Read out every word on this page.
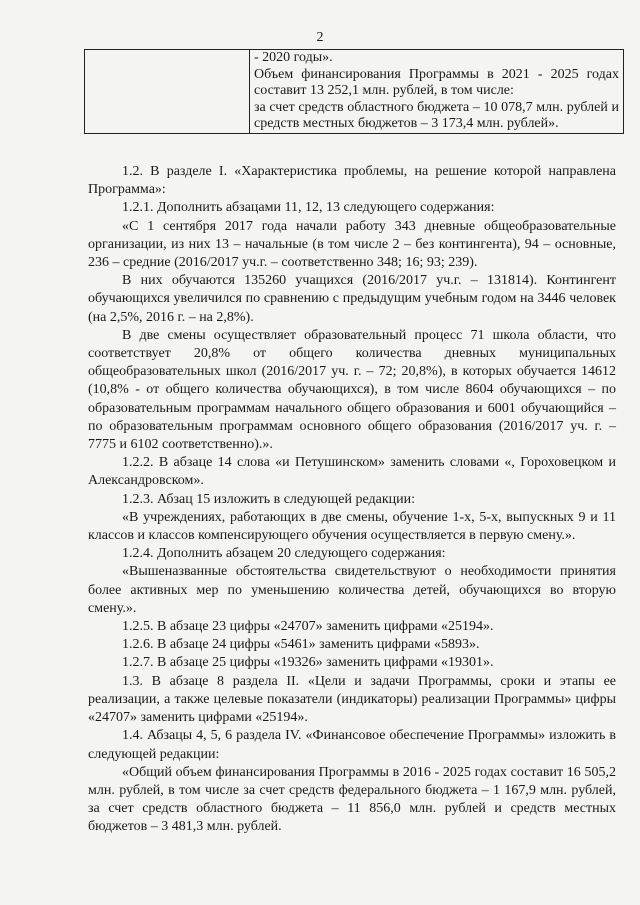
2

- 2020 годы».
Объем финансирования Программы в 2021 - 2025 годах составит 13 252,1 млн. рублей, в том числе:
за счет средств областного бюджета – 10 078,7 млн. рублей и средств местных бюджетов – 3 173,4 млн. рублей».

1.2. В разделе I. «Характеристика проблемы, на решение которой направлена Программа»:

1.2.1. Дополнить абзацами 11, 12, 13 следующего содержания:

«С 1 сентября 2017 года начали работу 343 дневные общеобразовательные организации, из них 13 – начальные (в том числе 2 – без контингента), 94 – основные, 236 – средние (2016/2017 уч.г. – соответственно 348; 16; 93; 239).

В них обучаются 135260 учащихся (2016/2017 уч.г. – 131814). Контингент обучающихся увеличился по сравнению с предыдущим учебным годом на 3446 человек (на 2,5%, 2016 г. – на 2,8%).

В две смены осуществляет образовательный процесс 71 школа области, что соответствует 20,8% от общего количества дневных муниципальных общеобразовательных школ (2016/2017 уч. г. – 72; 20,8%), в которых обучается 14612 (10,8% - от общего количества обучающихся), в том числе 8604 обучающихся – по образовательным программам начального общего образования и 6001 обучающийся – по образовательным программам основного общего образования (2016/2017 уч. г. – 7775 и 6102 соответственно).».

1.2.2. В абзаце 14 слова «и Петушинском» заменить словами «, Гороховецком и Александровском».

1.2.3. Абзац 15 изложить в следующей редакции:

«В учреждениях, работающих в две смены, обучение 1-х, 5-х, выпускных 9 и 11 классов и классов компенсирующего обучения осуществляется в первую смену.».

1.2.4. Дополнить абзацем 20 следующего содержания:

«Вышеназванные обстоятельства свидетельствуют о необходимости принятия более активных мер по уменьшению количества детей, обучающихся во вторую смену.».

1.2.5. В абзаце 23 цифры «24707» заменить цифрами «25194».

1.2.6. В абзаце 24 цифры «5461» заменить цифрами «5893».

1.2.7. В абзаце 25 цифры «19326» заменить цифрами «19301».

1.3. В абзаце 8 раздела II. «Цели и задачи Программы, сроки и этапы ее реализации, а также целевые показатели (индикаторы) реализации Программы» цифры «24707» заменить цифрами «25194».

1.4. Абзацы 4, 5, 6 раздела IV. «Финансовое обеспечение Программы» изложить в следующей редакции:

«Общий объем финансирования Программы в 2016 - 2025 годах составит 16 505,2 млн. рублей, в том числе за счет средств федерального бюджета – 1 167,9 млн. рублей, за счет средств областного бюджета – 11 856,0 млн. рублей и средств местных бюджетов – 3 481,3 млн. рублей.
